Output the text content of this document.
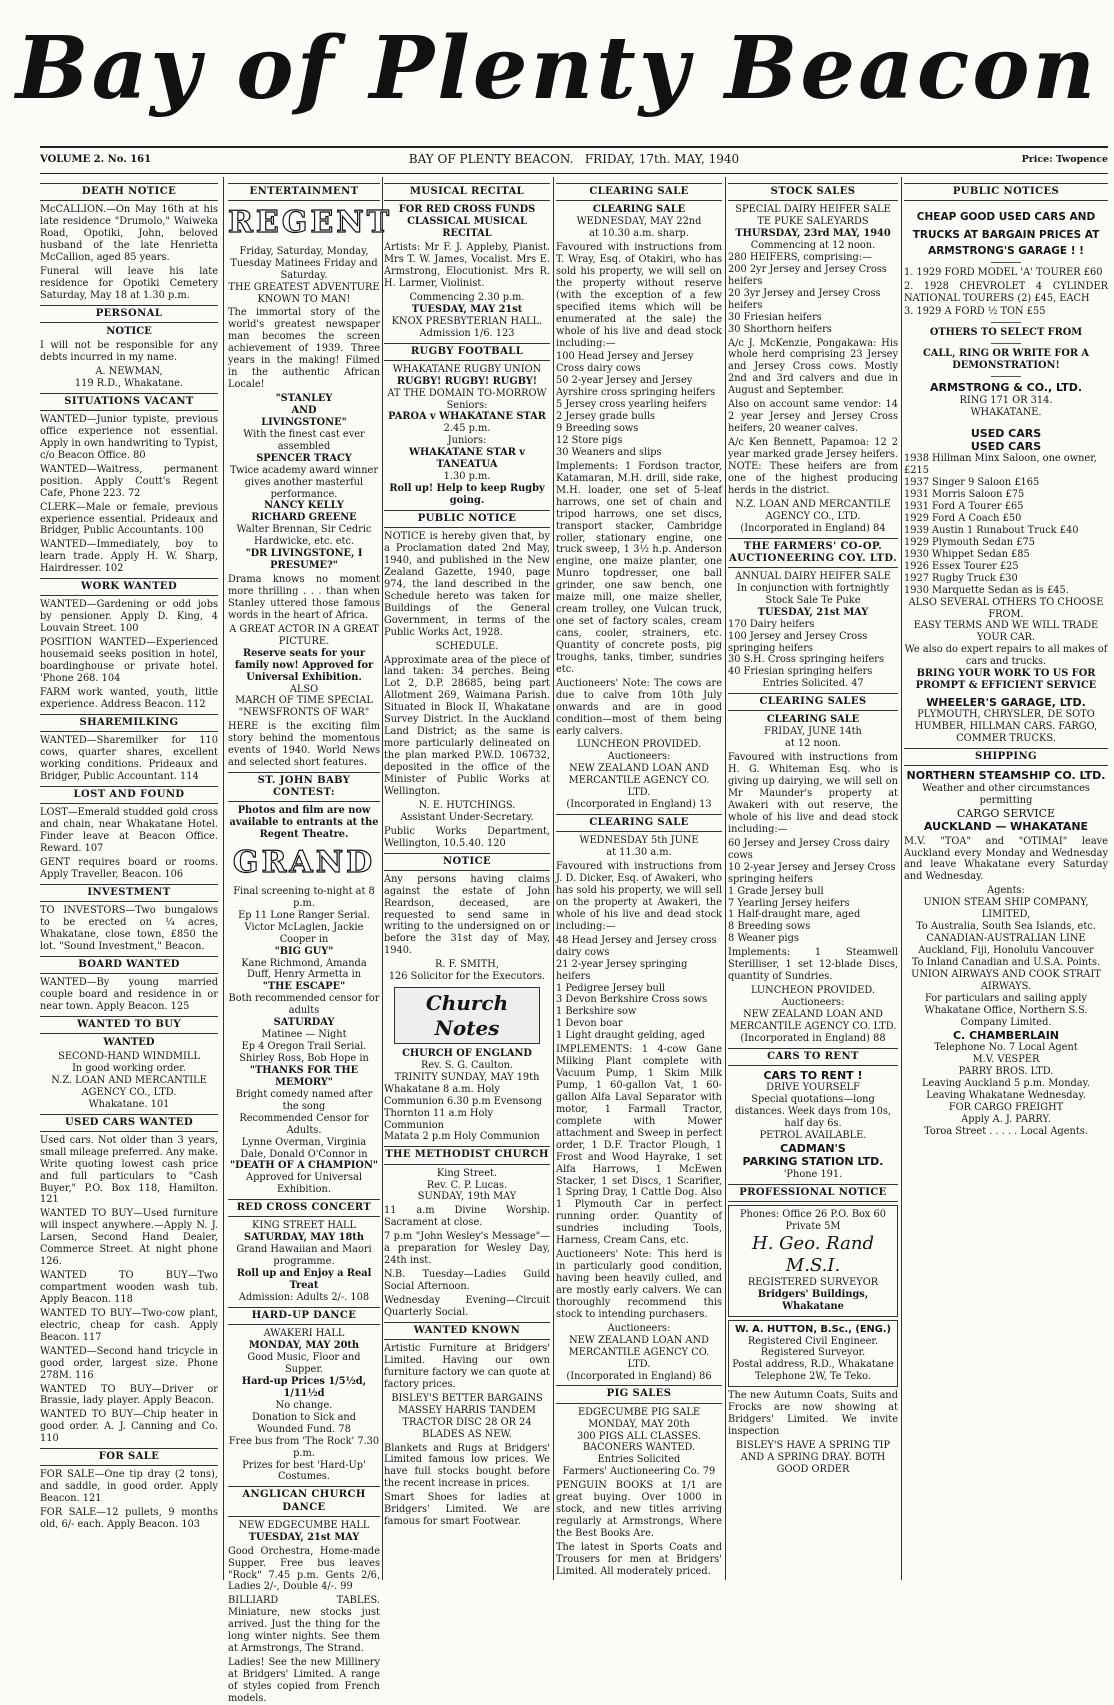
Bay of Plenty Beacon
VOLUME 2. No. 161	BAY OF PLENTY BEACON. FRIDAY, 17th. MAY, 1940	Price: Twopence
DEATH NOTICE

McCALLION.—On May 16th at his late residence "Drumolo," Waiweka Road, Opotiki, John, beloved husband of the late Henrietta McCallion, aged 85 years.

Funeral will leave his late residence for Opotiki Cemetery Saturday, May 18 at 1.30 p.m.

PERSONAL
NOTICE

I will not be responsible for any debts incurred in my name.

A. NEWMAN,
119 R.D., Whakatane.
SITUATIONS VACANT

WANTED—Junior typiste, previous office experience not essential. Apply in own handwriting to Typist, c/o Beacon Office. 80

WANTED—Waitress, permanent position. Apply Coutt's Regent Cafe, Phone 223. 72

CLERK—Male or female, previous experience essential. Prideaux and Bridger, Public Accountants. 100

WANTED—Immediately, boy to learn trade. Apply H. W. Sharp, Hairdresser. 102

WORK WANTED

WANTED—Gardening or odd jobs by pensioner. Apply D. King, 4 Louvain Street. 100

POSITION WANTED—Experienced housemaid seeks position in hotel, boardinghouse or private hotel. 'Phone 268. 104

FARM work wanted, youth, little experience. Address Beacon. 112

SHAREMILKING

WANTED—Sharemilker for 110 cows, quarter shares, excellent working conditions. Prideaux and Bridger, Public Accountant. 114

LOST AND FOUND

LOST—Emerald studded gold cross and chain, near Whakatane Hotel. Finder leave at Beacon Office. Reward. 107

GENT requires board or rooms. Apply Traveller, Beacon. 106

INVESTMENT

TO INVESTORS—Two bungalows to be erected on ¼ acres, Whakatane, close town, £850 the lot. "Sound Investment," Beacon.

BOARD WANTED

WANTED—By young married couple board and residence in or near town. Apply Beacon. 125

WANTED TO BUY
WANTED
SECOND-HAND WINDMILL
In good working order.
N.Z. LOAN AND MERCANTILE AGENCY CO., LTD.
Whakatane. 101
USED CARS WANTED

Used cars. Not older than 3 years, small mileage preferred. Any make. Write quoting lowest cash price and full particulars to "Cash Buyer," P.O. Box 118, Hamilton. 121

WANTED TO BUY—Used furniture will inspect anywhere.—Apply N. J. Larsen, Second Hand Dealer, Commerce Street. At night phone 126.

WANTED TO BUY—Two compartment wooden wash tub. Apply Beacon. 118

WANTED TO BUY—Two-cow plant, electric, cheap for cash. Apply Beacon. 117

WANTED—Second hand tricycle in good order, largest size. Phone 278M. 116

WANTED TO BUY—Driver or Brassie, lady player. Apply Beacon.

WANTED TO BUY—Chip heater in good order. A. J. Canning and Co. 110

FOR SALE

FOR SALE—One tip dray (2 tons), and saddle, in good order. Apply Beacon. 121

FOR SALE—12 pullets, 9 months old, 6/- each. Apply Beacon. 103

ENTERTAINMENT
REGENT
Friday, Saturday, Monday, Tuesday Matinees Friday and Saturday.
THE GREATEST ADVENTURE KNOWN TO MAN!

The immortal story of the world's greatest newspaper man becomes the screen achievement of 1939. Three years in the making! Filmed in the authentic African Locale!

"STANLEY
AND
LIVINGSTONE"
With the finest cast ever assembled
SPENCER TRACY
Twice academy award winner gives another masterful performance.
NANCY KELLY
RICHARD GREENE
Walter Brennan, Sir Cedric Hardwicke, etc. etc.
"DR LIVINGSTONE, I PRESUME?"

Drama knows no moment more thrilling . . . than when Stanley uttered those famous words in the heart of Africa.

A GREAT ACTOR IN A GREAT PICTURE.
Reserve seats for your family now! Approved for Universal Exhibition.
ALSO
MARCH OF TIME SPECIAL
"NEWSFRONTS OF WAR"

HERE is the exciting film story behind the momentous events of 1940. World News and selected short features.

ST. JOHN BABY CONTEST:
Photos and film are now available to entrants at the Regent Theatre.
GRAND
Final screening to-night at 8 p.m.
Ep 11 Lone Ranger Serial.
Victor McLaglen, Jackie Cooper in
"BIG GUY"
Kane Richmond, Amanda Duff, Henry Armetta in
"THE ESCAPE"
Both recommended censor for adults
SATURDAY
Matinee — Night
Ep 4 Oregon Trail Serial.
Shirley Ross, Bob Hope in
"THANKS FOR THE MEMORY"
Bright comedy named after the song
Recommended Censor for Adults.
Lynne Overman, Virginia Dale, Donald O'Connor in
"DEATH OF A CHAMPION"
Approved for Universal Exhibition.
RED CROSS CONCERT
KING STREET HALL
SATURDAY, MAY 18th
Grand Hawaiian and Maori programme.
Roll up and Enjoy a Real Treat
Admission: Adults 2/-. 108
HARD-UP DANCE
AWAKERI HALL
MONDAY, MAY 20th
Good Music, Floor and Supper.
Hard-up Prices 1/5½d, 1/11½d
No change.
Donation to Sick and Wounded Fund. 78
Free bus from 'The Rock' 7.30 p.m.
Prizes for best 'Hard-Up' Costumes.
ANGLICAN CHURCH DANCE
NEW EDGECUMBE HALL
TUESDAY, 21st MAY

Good Orchestra, Home-made Supper. Free bus leaves "Rock" 7.45 p.m. Gents 2/6, Ladies 2/-, Double 4/-. 99

BILLIARD TABLES. Miniature, new stocks just arrived. Just the thing for the long winter nights. See them at Armstrongs, The Strand.

Ladies! See the new Millinery at Bridgers' Limited. A range of styles copied from French models.

MUSICAL RECITAL
FOR RED CROSS FUNDS
CLASSICAL MUSICAL RECITAL

Artists: Mr F. J. Appleby, Pianist. Mrs T. W. James, Vocalist. Mrs E. Armstrong, Elocutionist. Mrs R. H. Larmer, Violinist.

Commencing 2.30 p.m.
TUESDAY, MAY 21st
KNOX PRESBYTERIAN HALL.
Admission 1/6. 123
RUGBY FOOTBALL
WHAKATANE RUGBY UNION
RUGBY! RUGBY! RUGBY!
AT THE DOMAIN TO-MORROW
Seniors:
PAROA v WHAKATANE STAR
2.45 p.m.
Juniors:
WHAKATANE STAR v TANEATUA
1.30 p.m.
Roll up! Help to keep Rugby going.
PUBLIC NOTICE

NOTICE is hereby given that, by a Proclamation dated 2nd May, 1940, and published in the New Zealand Gazette, 1940, page 974, the land described in the Schedule hereto was taken for Buildings of the General Government, in terms of the Public Works Act, 1928.

SCHEDULE.

Approximate area of the piece of land taken: 34 perches. Being Lot 2, D.P. 28685, being part Allotment 269, Waimana Parish. Situated in Block II, Whakatane Survey District. In the Auckland Land District; as the same is more particularly delineated on the plan marked P.W.D. 106732, deposited in the office of the Minister of Public Works at Wellington.

N. E. HUTCHINGS.
Assistant Under-Secretary.

Public Works Department, Wellington, 10.5.40. 120

NOTICE

Any persons having claims against the estate of John Reardson, deceased, are requested to send same in writing to the undersigned on or before the 31st day of May, 1940.

R. F. SMITH,
126 Solicitor for the Executors.
Church Notes
CHURCH OF ENGLAND
Rev. S. G. Caulton.
TRINITY SUNDAY, MAY 19th
Whakatane 8 a.m. Holy Communion 6.30 p.m Evensong
Thornton 11 a.m Holy Communion
Matata 2 p.m Holy Communion
THE METHODIST CHURCH
King Street.
Rev. C. P. Lucas.
SUNDAY, 19th MAY

11 a.m Divine Worship. Sacrament at close.

7 p.m "John Wesley's Message"—a preparation for Wesley Day, 24th inst.

N.B. Tuesday—Ladies Guild Social Afternoon.

Wednesday Evening—Circuit Quarterly Social.

WANTED KNOWN

Artistic Furniture at Bridgers' Limited. Having our own furniture factory we can quote at factory prices.

BISLEY'S BETTER BARGAINS
MASSEY HARRIS TANDEM TRACTOR DISC 28 OR 24 BLADES AS NEW.

Blankets and Rugs at Bridgers' Limited famous low prices. We have full stocks bought before the recent increase in prices.

Smart Shoes for ladies at Bridgers' Limited. We are famous for smart Footwear.

CLEARING SALE
CLEARING SALE
WEDNESDAY, MAY 22nd
at 10.30 a.m. sharp.

Favoured with instructions from T. Wray, Esq. of Otakiri, who has sold his property, we will sell on the property without reserve (with the exception of a few specified items which will be enumerated at the sale) the whole of his live and dead stock including:—

100 Head Jersey and Jersey Cross dairy cows
50 2-year Jersey and Jersey Ayrshire cross springing heifers
5 Jersey cross yearling heifers
2 Jersey grade bulls
9 Breeding sows
12 Store pigs
30 Weaners and slips

Implements: 1 Fordson tractor, Katamaran, M.H. drill, side rake, M.H. loader, one set of 5-leaf harrows, one set of chain and tripod harrows, one set discs, transport stacker, Cambridge roller, stationary engine, one truck sweep, 1 3½ h.p. Anderson engine, one maize planter, one Munro topdresser, one ball grinder, one saw bench, one maize mill, one maize sheller, cream trolley, one Vulcan truck, one set of factory scales, cream cans, cooler, strainers, etc. Quantity of concrete posts, pig troughs, tanks, timber, sundries etc.

Auctioneers' Note: The cows are due to calve from 10th July onwards and are in good condition—most of them being early calvers.

LUNCHEON PROVIDED.
Auctioneers:
NEW ZEALAND LOAN AND MERCANTILE AGENCY CO. LTD.
(Incorporated in England) 13
CLEARING SALE
WEDNESDAY 5th JUNE
at 11.30 a.m.

Favoured with instructions from J. D. Dicker, Esq. of Awakeri, who has sold his property, we will sell on the property at Awakeri, the whole of his live and dead stock including:—

48 Head Jersey and Jersey cross dairy cows
21 2-year Jersey springing heifers
1 Pedigree Jersey bull
3 Devon Berkshire Cross sows
1 Berkshire sow
1 Devon boar
1 Light draught gelding, aged

IMPLEMENTS: 1 4-cow Gane Milking Plant complete with Vacuum Pump, 1 Skim Milk Pump, 1 60-gallon Vat, 1 60-gallon Alfa Laval Separator with motor, 1 Farmall Tractor, complete with Mower attachment and Sweep in perfect order, 1 D.F. Tractor Plough, 1 Frost and Wood Hayrake, 1 set Alfa Harrows, 1 McEwen Stacker, 1 set Discs, 1 Scarifier, 1 Spring Dray, 1 Cattle Dog. Also 1 Plymouth Car in perfect running order. Quantity of sundries including Tools, Harness, Cream Cans, etc.

Auctioneers' Note: This herd is in particularly good condition, having been heavily culled, and are mostly early calvers. We can thoroughly recommend this stock to intending purchasers.

Auctioneers:
NEW ZEALAND LOAN AND MERCANTILE AGENCY CO. LTD.
(Incorporated in England) 86
PIG SALES
EDGECUMBE PIG SALE
MONDAY, MAY 20th
300 PIGS ALL CLASSES.
BACONERS WANTED.
Entries Solicited
Farmers' Auctioneering Co. 79

PENGUIN BOOKS at 1/1 are great buying. Over 1000 in stock, and new titles arriving regularly at Armstrongs, Where the Best Books Are.

The latest in Sports Coats and Trousers for men at Bridgers' Limited. All moderately priced.

STOCK SALES
SPECIAL DAIRY HEIFER SALE
TE PUKE SALEYARDS
THURSDAY, 23rd MAY, 1940
Commencing at 12 noon.
280 HEIFERS, comprising:—
200 2yr Jersey and Jersey Cross heifers
20 3yr Jersey and Jersey Cross heifers
30 Friesian heifers
30 Shorthorn heifers

A/c J. McKenzie, Pongakawa: His whole herd comprising 23 Jersey and Jersey Cross cows. Mostly 2nd and 3rd calvers and due in August and September.

Also on account same vendor: 14 2 year Jersey and Jersey Cross heifers, 20 weaner calves.

A/c Ken Bennett, Papamoa: 12 2 year marked grade Jersey heifers. NOTE: These heifers are from one of the highest producing herds in the district.

N.Z. LOAN AND MERCANTILE AGENCY CO., LTD.
(Incorporated in England) 84
THE FARMERS' CO-OP. AUCTIONEERING COY. LTD.
ANNUAL DAIRY HEIFER SALE
In conjunction with fortnightly Stock Sale Te Puke
TUESDAY, 21st MAY
170 Dairy heifers
100 Jersey and Jersey Cross springing heifers
30 S.H. Cross springing heifers
40 Friesian springing heifers
Entries Solicited. 47
CLEARING SALES
CLEARING SALE
FRIDAY, JUNE 14th
at 12 noon.

Favoured with instructions from H. G. Whiteman Esq. who is giving up dairying, we will sell on Mr Maunder's property at Awakeri with out reserve, the whole of his live and dead stock including:—

60 Jersey and Jersey Cross dairy cows
10 2-year Jersey and Jersey Cross springing heifers
1 Grade Jersey bull
7 Yearling Jersey heifers
1 Half-draught mare, aged
8 Breeding sows
8 Weaner pigs

Implements: 1 Steamwell Sterilliser, 1 set 12-blade Discs, quantity of Sundries.

LUNCHEON PROVIDED.
Auctioneers:
NEW ZEALAND LOAN AND MERCANTILE AGENCY CO. LTD.
(Incorporated in England) 88
CARS TO RENT
CARS TO RENT !
DRIVE YOURSELF
Special quotations—long distances. Week days from 10s, half day 6s.
PETROL AVAILABLE.
CADMAN'S
PARKING STATION LTD.
'Phone 191.
PROFESSIONAL NOTICE
Phones: Office 26 P.O. Box 60 Private 5M
H. Geo. Rand M.S.I.
REGISTERED SURVEYOR
Bridgers' Buildings, Whakatane
W. A. HUTTON, B.Sc., (ENG.)
Registered Civil Engineer. Registered Surveyor.
Postal address, R.D., Whakatane Telephone 2W, Te Teko.

The new Autumn Coats, Suits and Frocks are now showing at Bridgers' Limited. We invite inspection

BISLEY'S HAVE A SPRING TIP AND A SPRING DRAY. BOTH GOOD ORDER
PUBLIC NOTICES
CHEAP GOOD USED CARS AND TRUCKS AT BARGAIN PRICES AT
ARMSTRONG'S GARAGE ! !

1. 1929 FORD MODEL 'A' TOURER £60

2. 1928 CHEVROLET 4 CYLINDER NATIONAL TOURERS (2) £45, EACH

3. 1929 A FORD ½ TON £55

OTHERS TO SELECT FROM
CALL, RING OR WRITE FOR A DEMONSTRATION!
ARMSTRONG & CO., LTD.
RING 171 OR 314.
WHAKATANE.
USED CARS
USED CARS
1938 Hillman Minx Saloon, one owner, £215
1937 Singer 9 Saloon £165
1931 Morris Saloon £75
1931 Ford A Tourer £65
1929 Ford A Coach £50
1939 Austin 1 Runabout Truck £40
1929 Plymouth Sedan £75
1930 Whippet Sedan £85
1926 Essex Tourer £25
1927 Rugby Truck £30
1930 Marquette Sedan as is £45.
ALSO SEVERAL OTHERS TO CHOOSE FROM.
EASY TERMS AND WE WILL TRADE YOUR CAR.
We also do expert repairs to all makes of cars and trucks.
BRING YOUR WORK TO US FOR PROMPT & EFFICIENT SERVICE
WHEELER'S GARAGE, LTD.
PLYMOUTH, CHRYSLER, DE SOTO HUMBER, HILLMAN CARS. FARGO, COMMER TRUCKS.
SHIPPING
NORTHERN STEAMSHIP CO. LTD.
Weather and other circumstances permitting
CARGO SERVICE
AUCKLAND — WHAKATANE

M.V. "TOA" and "OTIMAI" leave Auckland every Monday and Wednesday and leave Whakatane every Saturday and Wednesday.

Agents:
UNION STEAM SHIP COMPANY, LIMITED,
To Australia, South Sea Islands, etc.
CANADIAN-AUSTRALIAN LINE
Auckland, Fiji, Honolulu Vancouver
To Inland Canadian and U.S.A. Points.
UNION AIRWAYS AND COOK STRAIT AIRWAYS.
For particulars and sailing apply Whakatane Office, Northern S.S. Company Limited.
C. CHAMBERLAIN
Telephone No. 7 Local Agent
M.V. VESPER
PARRY BROS. LTD.
Leaving Auckland 5 p.m. Monday. Leaving Whakatane Wednesday.
FOR CARGO FREIGHT
Apply A. J. PARRY.
Toroa Street . . . . . Local Agents.
